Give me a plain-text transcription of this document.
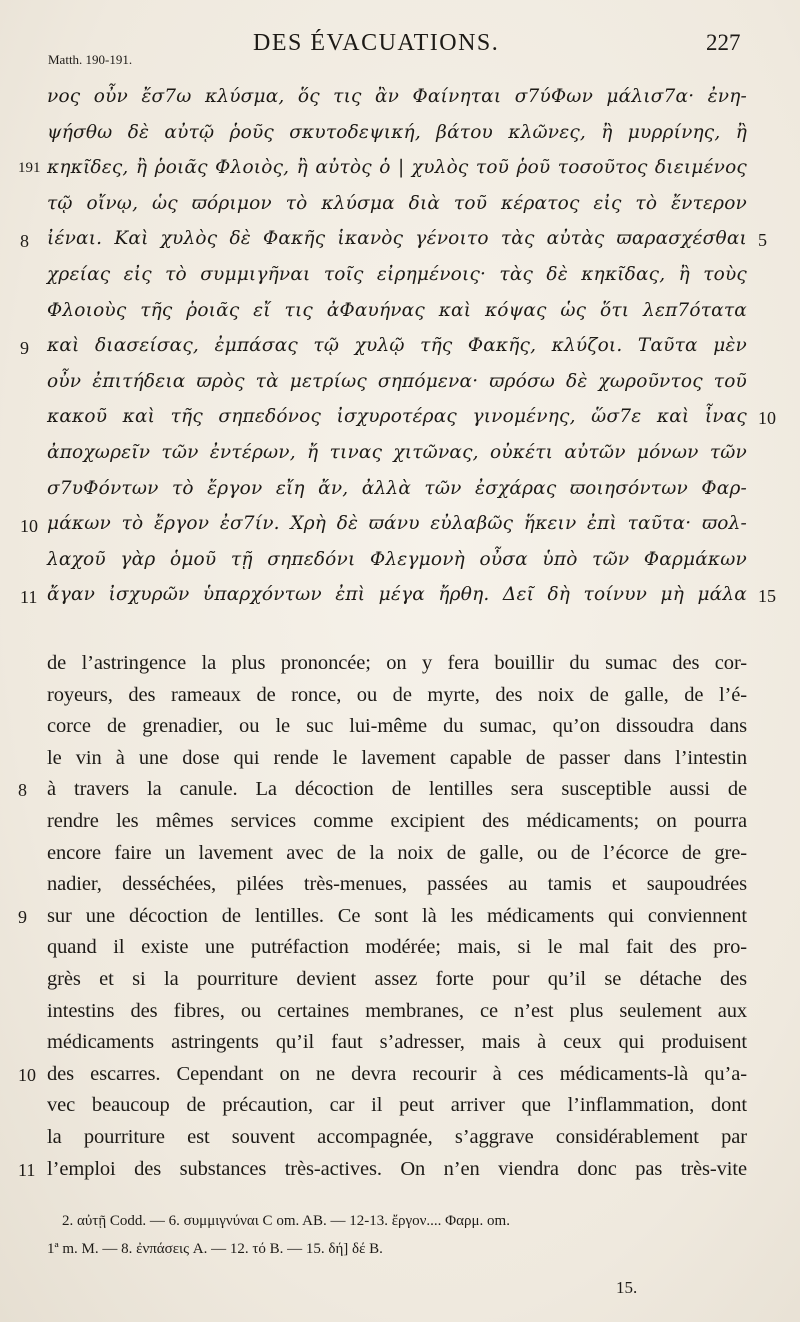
DES ÉVACUATIONS.	227
Matth. 190-191.
νος οὖν ἔσ7ω κλύσμα, ὅς τις ἂν Φαίνηται σ7ύΦων μάλισ7α· ἐνη-
ψήσθω δὲ αὐτῷ ῥοῦς σκυτοδεψική, βάτου κλῶνες, ἢ μυρρίνης, ἢ
κηκῖδες, ἢ ῥοιᾶς Φλοιὸς, ἢ αὐτὸς ὁ | χυλὸς τοῦ ῥοῦ τοσοῦτος διειμένος
τῷ οἴνῳ, ὡς ϖόριμον τὸ κλύσμα διὰ τοῦ κέρατος εἰς τὸ ἔντερον
ἰέναι. Καὶ χυλὸς δὲ Φακῆς ἱκανὸς γένοιτο τὰς αὐτὰς ϖαρασχέσθαι
χρείας εἰς τὸ συμμιγῆναι τοῖς εἰρημένοις· τὰς δὲ κηκῖδας, ἢ τοὺς
Φλοιοὺς τῆς ῥοιᾶς εἴ τις ἀΦαυήνας καὶ κόψας ὡς ὅτι λεπ7ότατα
καὶ διασείσας, ἐμπάσας τῷ χυλῷ τῆς Φακῆς, κλύζοι. Ταῦτα μὲν
οὖν ἐπιτήδεια ϖρὸς τὰ μετρίως σηπόμενα· ϖρόσω δὲ χωροῦντος τοῦ
κακοῦ καὶ τῆς σηπεδόνος ἰσχυροτέρας γινομένης, ὥσ7ε καὶ ἶνας
ἀποχωρεῖν τῶν ἐντέρων, ἤ τινας χιτῶνας, οὐκέτι αὐτῶν μόνων τῶν
σ7υΦόντων τὸ ἔργον εἴη ἄν, ἀλλὰ τῶν ἐσχάρας ϖοιησόντων Φαρ-
μάκων τὸ ἔργον ἐσ7ίν. Χρὴ δὲ ϖάνυ εὐλαβῶς ἥκειν ἐπὶ ταῦτα· ϖολ-
λαχοῦ γὰρ ὁμοῦ τῇ σηπεδόνι Φλεγμονὴ οὖσα ὑπὸ τῶν Φαρμάκων
ἄγαν ἰσχυρῶν ὑπαρχόντων ἐπὶ μέγα ἤρθη. Δεῖ δὴ τοίνυν μὴ μάλα
191
8
9
10
11
5
10
15
de l’astringence la plus prononcée; on y fera bouillir du sumac des cor-
royeurs, des rameaux de ronce, ou de myrte, des noix de galle, de l’é-
corce de grenadier, ou le suc lui-même du sumac, qu’on dissoudra dans
le vin à une dose qui rende le lavement capable de passer dans l’intestin
à travers la canule. La décoction de lentilles sera susceptible aussi de
rendre les mêmes services comme excipient des médicaments; on pourra
encore faire un lavement avec de la noix de galle, ou de l’écorce de gre-
nadier, desséchées, pilées très-menues, passées au tamis et saupoudrées
sur une décoction de lentilles. Ce sont là les médicaments qui conviennent
quand il existe une putréfaction modérée; mais, si le mal fait des pro-
grès et si la pourriture devient assez forte pour qu’il se détache des
intestins des fibres, ou certaines membranes, ce n’est plus seulement aux
médicaments astringents qu’il faut s’adresser, mais à ceux qui produisent
des escarres. Cependant on ne devra recourir à ces médicaments-là qu’a-
vec beaucoup de précaution, car il peut arriver que l’inflammation, dont
la pourriture est souvent accompagnée, s’aggrave considérablement par
l’emploi des substances très-actives. On n’en viendra donc pas très-vite
8
9
10
11
2. αὐτῇ Codd. — 6. συμμιγνύναι C om. AB. — 12-13. ἔργον.... Φαρμ. om.
1ª m. M. — 8. ἐνπάσεις A. — 12. τό B. — 15. δή] δέ B.
15.
